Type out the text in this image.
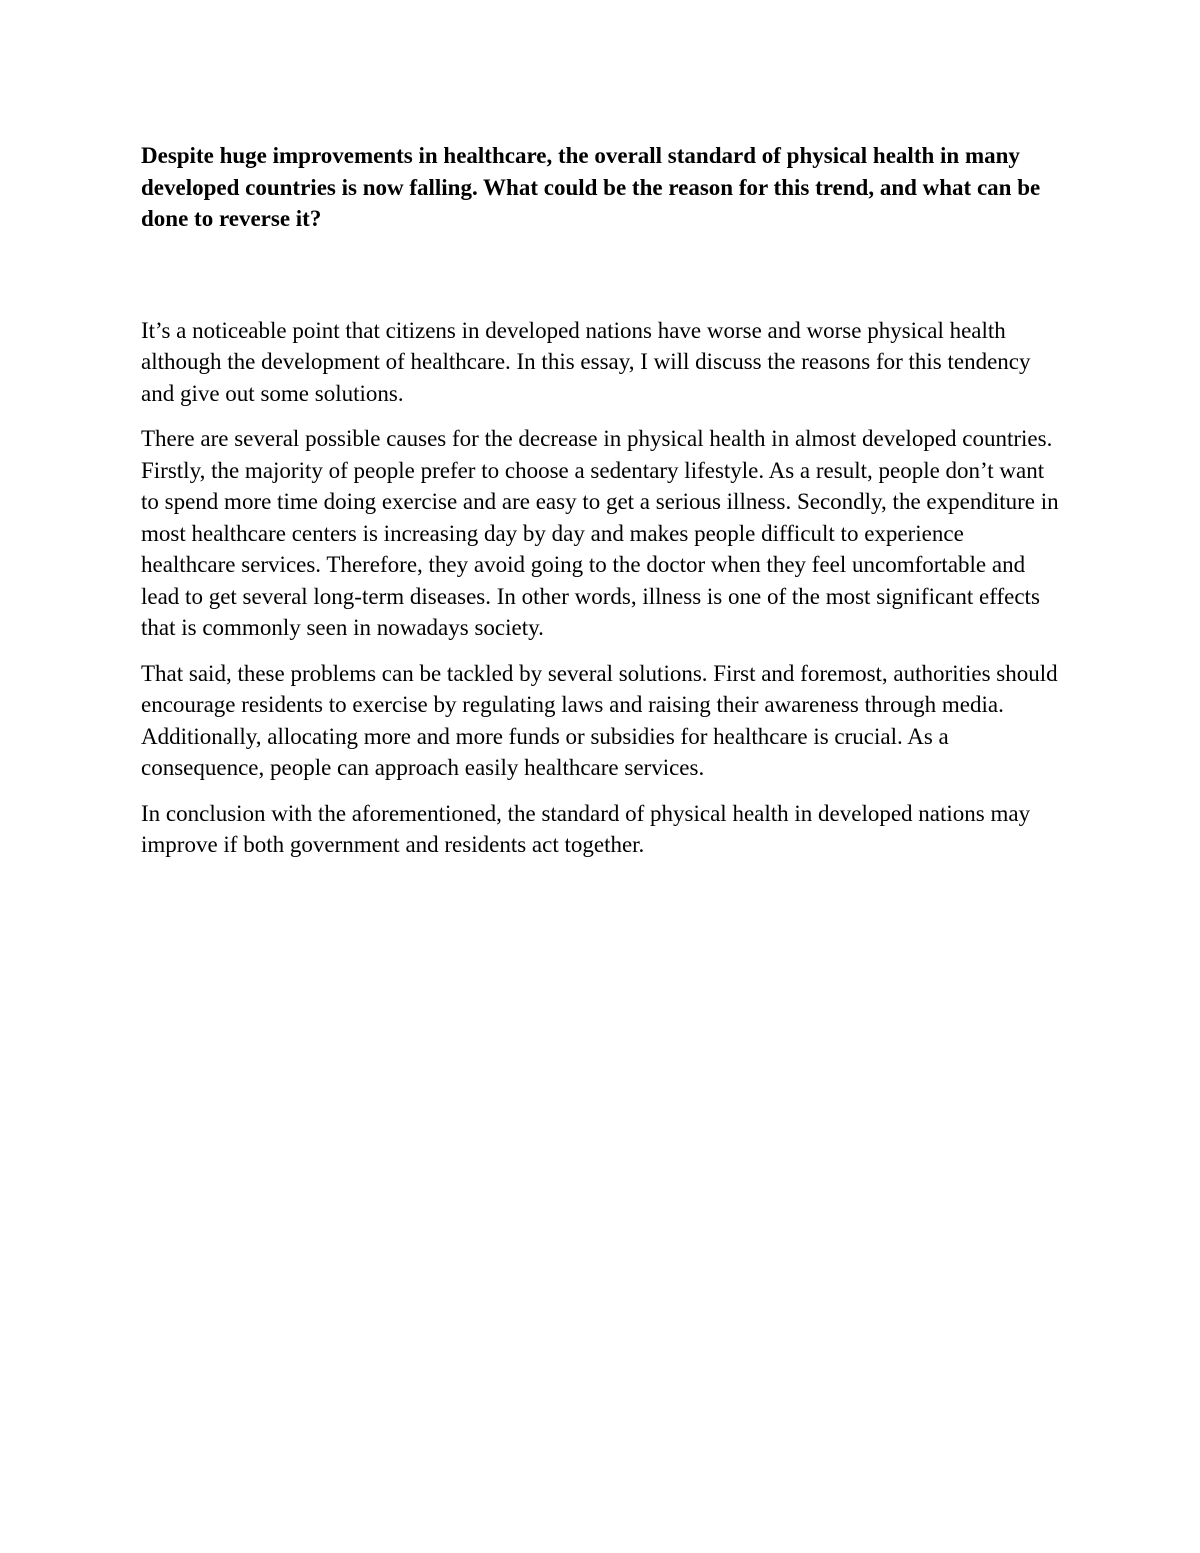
Despite huge improvements in healthcare, the overall standard of physical health in many developed countries is now falling. What could be the reason for this trend, and what can be done to reverse it?

It’s a noticeable point that citizens in developed nations have worse and worse physical health although the development of healthcare. In this essay, I will discuss the reasons for this tendency and give out some solutions.

There are several possible causes for the decrease in physical health in almost developed countries. Firstly, the majority of people prefer to choose a sedentary lifestyle. As a result, people don’t want to spend more time doing exercise and are easy to get a serious illness. Secondly, the expenditure in most healthcare centers is increasing day by day and makes people difficult to experience healthcare services. Therefore, they avoid going to the doctor when they feel uncomfortable and lead to get several long-term diseases. In other words, illness is one of the most significant effects that is commonly seen in nowadays society.

That said, these problems can be tackled by several solutions. First and foremost, authorities should encourage residents to exercise by regulating laws and raising their awareness through media. Additionally, allocating more and more funds or subsidies for healthcare is crucial. As a consequence, people can approach easily healthcare services.

In conclusion with the aforementioned, the standard of physical health in developed nations may improve if both government and residents act together.
